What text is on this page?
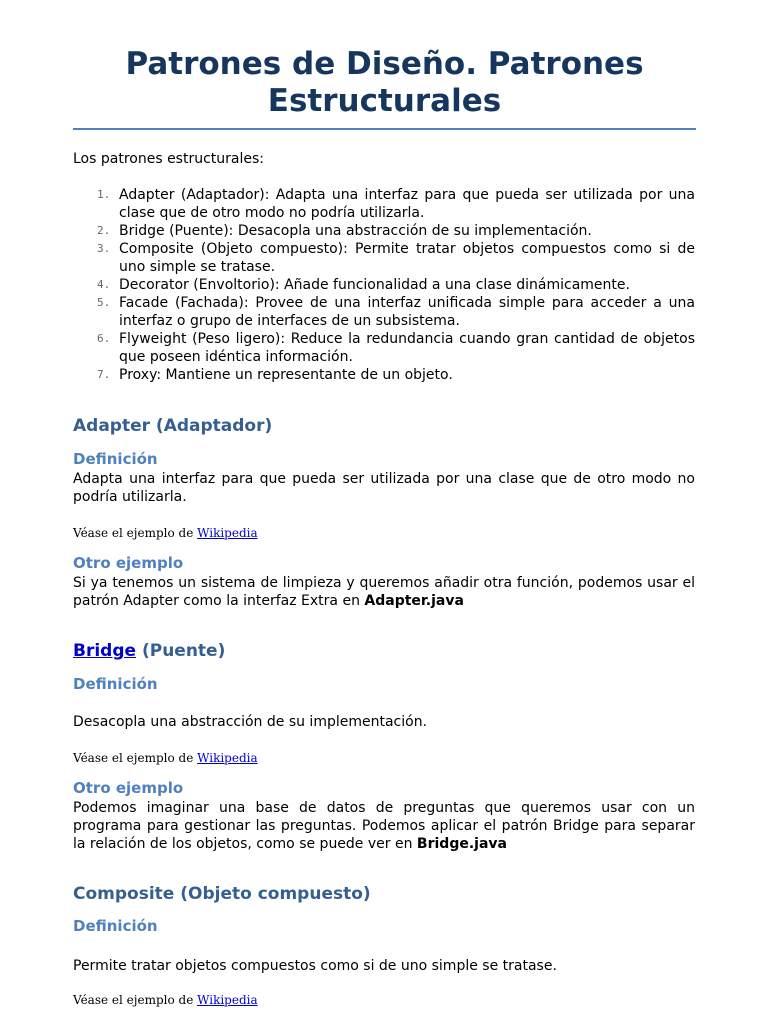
Patrones de Diseño. Patrones Estructurales

Los patrones estructurales:

1. Adapter (Adaptador): Adapta una interfaz para que pueda ser utilizada por una clase que de otro modo no podría utilizarla.
2. Bridge (Puente): Desacopla una abstracción de su implementación.
3. Composite (Objeto compuesto): Permite tratar objetos compuestos como si de uno simple se tratase.
4. Decorator (Envoltorio): Añade funcionalidad a una clase dinámicamente.
5. Facade (Fachada): Provee de una interfaz unificada simple para acceder a una interfaz o grupo de interfaces de un subsistema.
6. Flyweight (Peso ligero): Reduce la redundancia cuando gran cantidad de objetos que poseen idéntica información.
7. Proxy: Mantiene un representante de un objeto.
Adapter (Adaptador)
Definición

Adapta una interfaz para que pueda ser utilizada por una clase que de otro modo no podría utilizarla.

Véase el ejemplo de Wikipedia

Otro ejemplo

Si ya tenemos un sistema de limpieza y queremos añadir otra función, podemos usar el patrón Adapter como la interfaz Extra en Adapter.java

Bridge (Puente)
Definición

Desacopla una abstracción de su implementación.

Véase el ejemplo de Wikipedia

Otro ejemplo

Podemos imaginar una base de datos de preguntas que queremos usar con un programa para gestionar las preguntas. Podemos aplicar el patrón Bridge para separar la relación de los objetos, como se puede ver en Bridge.java

Composite (Objeto compuesto)
Definición

Permite tratar objetos compuestos como si de uno simple se tratase.

Véase el ejemplo de Wikipedia
